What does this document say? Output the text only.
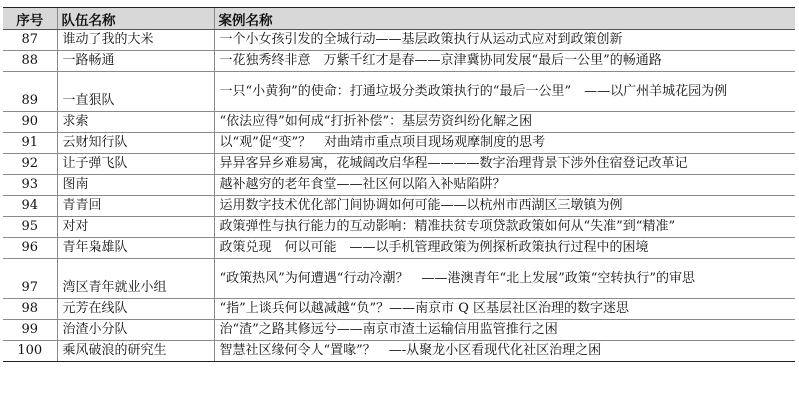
序号	队伍名称	案例名称
87	谁动了我的大米	一个小女孩引发的全城行动——基层政策执行从运动式应对到政策创新
88	一路畅通	一花独秀终非意　万紫千红才是春——京津冀协同发展“最后一公里”的畅通路
89	一直狠队	一只“小黄狗”的使命：打通垃圾分类政策执行的“最后一公里”　——以广州羊城花园为例
90	求索	“依法应得”如何成“打折补偿”：基层劳资纠纷化解之困
91	云财知行队	以“观”促“变”？　对曲靖市重点项目现场观摩制度的思考
92	让子弹飞队	异异客异乡难易寓，花城阔改启华程————数字治理背景下涉外住宿登记改革记
93	图南	越补越穷的老年食堂——社区何以陷入补贴陷阱？
94	青青回	运用数字技术优化部门间协调如何可能——以杭州市西湖区三墩镇为例
95	对对	政策弹性与执行能力的互动影响：精准扶贫专项贷款政策如何从“失准”到“精准”
96	青年枭雄队	政策兑现　何以可能　——以手机管理政策为例探析政策执行过程中的困境
97	湾区青年就业小组	“政策热风”为何遭遇“行动冷潮？　——港澳青年“北上发展”政策“空转执行”的审思
98	元芳在线队	“指”上谈兵何以越减越“负”？——南京市 Q 区基层社区治理的数字迷思
99	治渣小分队	治“渣”之路其修远兮——南京市渣土运输信用监管推行之困
100	乘风破浪的研究生	智慧社区缘何令人“置喙”？　—-从聚龙小区看现代化社区治理之困
